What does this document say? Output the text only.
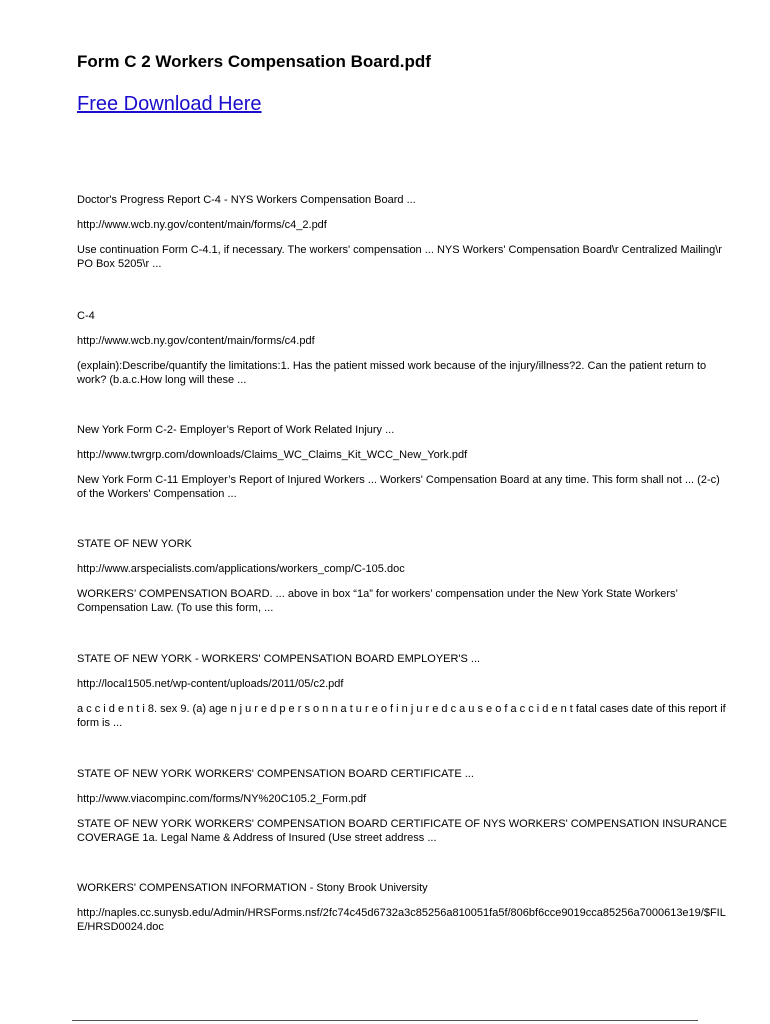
Form C 2 Workers Compensation Board.pdf
Free Download Here

Doctor's Progress Report C-4 - NYS Workers Compensation Board ...

http://www.wcb.ny.gov/content/main/forms/c4_2.pdf

Use continuation Form C-4.1, if necessary. The workers' compensation ... NYS Workers' Compensation Board\r Centralized Mailing\r PO Box 5205\r ...

C-4

http://www.wcb.ny.gov/content/main/forms/c4.pdf

(explain):Describe/quantify the limitations:1. Has the patient missed work because of the injury/illness?2. Can the patient return to work? (b.a.c.How long will these ...

New York Form C-2- Employer’s Report of Work Related Injury ...

http://www.twrgrp.com/downloads/Claims_WC_Claims_Kit_WCC_New_York.pdf

New York Form C-11 Employer’s Report of Injured Workers ... Workers' Compensation Board at any time. This form shall not ... (2-c) of the Workers' Compensation ...

STATE OF NEW YORK

http://www.arspecialists.com/applications/workers_comp/C-105.doc

WORKERS’ COMPENSATION BOARD. ... above in box “1a” for workers’ compensation under the New York State Workers’ Compensation Law. (To use this form, ...

STATE OF NEW YORK - WORKERS' COMPENSATION BOARD EMPLOYER'S ...

http://local1505.net/wp-content/uploads/2011/05/c2.pdf

a c c i d e n t i 8. sex 9. (a) age n j u r e d p e r s o n n a t u r e o f i n j u r e d c a u s e o f a c c i d e n t fatal cases date of this report if form is ...

STATE OF NEW YORK WORKERS' COMPENSATION BOARD CERTIFICATE ...

http://www.viacompinc.com/forms/NY%20C105.2_Form.pdf

STATE OF NEW YORK WORKERS' COMPENSATION BOARD CERTIFICATE OF NYS WORKERS' COMPENSATION INSURANCE COVERAGE 1a. Legal Name & Address of Insured (Use street address ...

WORKERS' COMPENSATION INFORMATION - Stony Brook University

http://naples.cc.sunysb.edu/Admin/HRSForms.nsf/2fc74c45d6732a3c85256a810051fa5f/806bf6cce9019cca85256a7000613e19/$FILE/HRSD0024.doc
